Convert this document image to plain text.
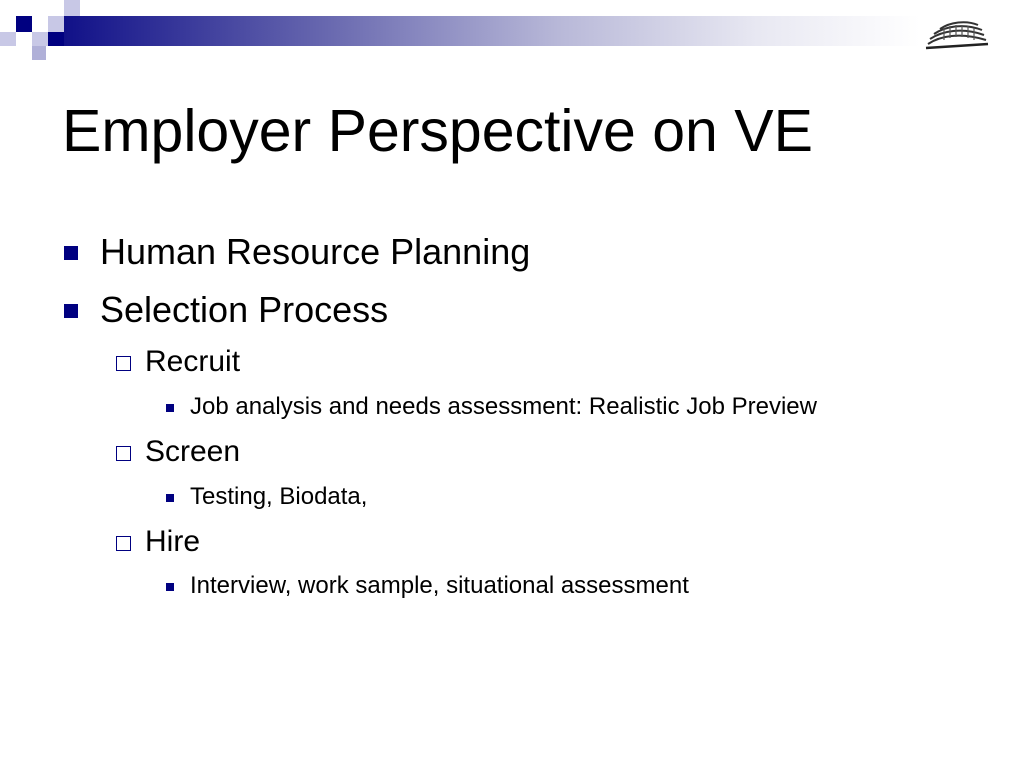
Employer Perspective on VE
Human Resource Planning
Selection Process
Recruit
Job analysis and needs assessment: Realistic Job Preview
Screen
Testing, Biodata,
Hire
Interview, work sample, situational assessment
